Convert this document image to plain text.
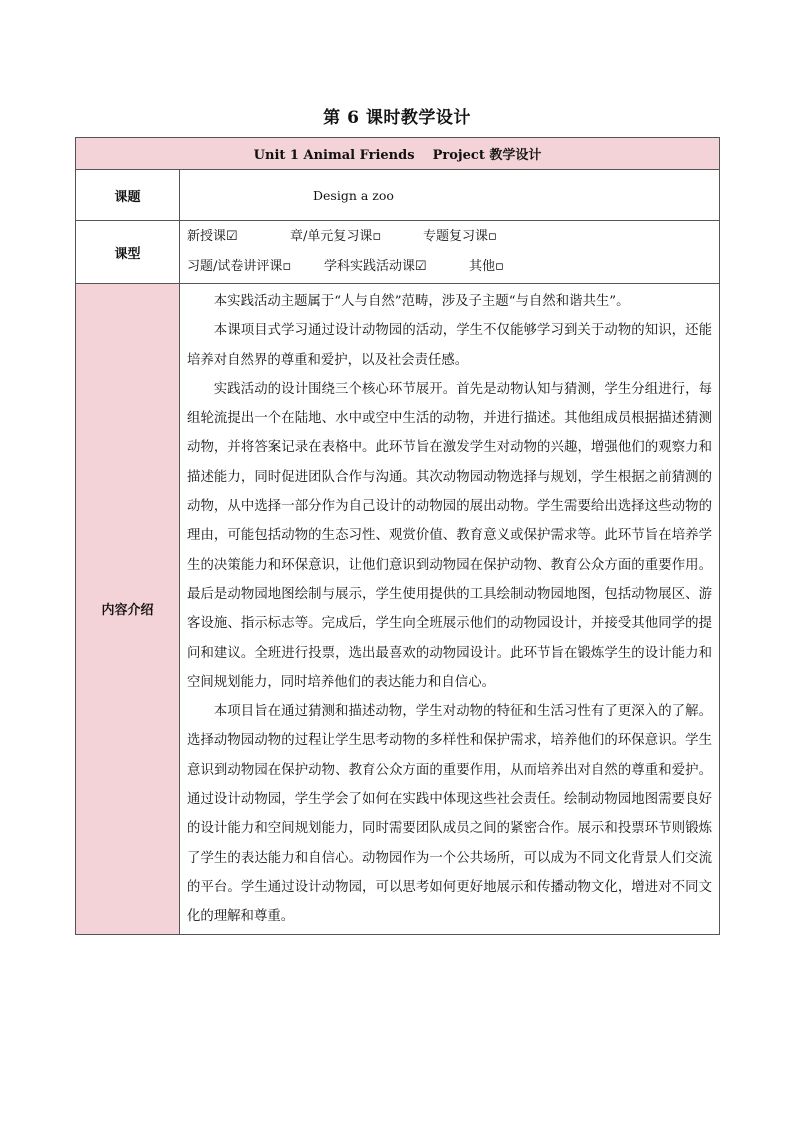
第 6 课时教学设计
Unit 1 Animal Friends    Project 教学设计	
课题	Design a zoo
课型	新授课☑ 章/单元复习课▫ 专题复习课▫
习题/试卷讲评课▫ 学科实践活动课☑ 其他▫

内容介绍	本实践活动主题属于“人与自然”范畴，涉及子主题“与自然和谐共生”。

本课项目式学习通过设计动物园的活动，学生不仅能够学习到关于动物的知识，还能培养对自然界的尊重和爱护，以及社会责任感。

实践活动的设计围绕三个核心环节展开。首先是动物认知与猜测，学生分组进行，每组轮流提出一个在陆地、水中或空中生活的动物，并进行描述。其他组成员根据描述猜测动物，并将答案记录在表格中。此环节旨在激发学生对动物的兴趣，增强他们的观察力和描述能力，同时促进团队合作与沟通。其次动物园动物选择与规划，学生根据之前猜测的动物，从中选择一部分作为自己设计的动物园的展出动物。学生需要给出选择这些动物的理由，可能包括动物的生态习性、观赏价值、教育意义或保护需求等。此环节旨在培养学生的决策能力和环保意识，让他们意识到动物园在保护动物、教育公众方面的重要作用。最后是动物园地图绘制与展示，学生使用提供的工具绘制动物园地图，包括动物展区、游客设施、指示标志等。完成后，学生向全班展示他们的动物园设计，并接受其他同学的提问和建议。全班进行投票，选出最喜欢的动物园设计。此环节旨在锻炼学生的设计能力和空间规划能力，同时培养他们的表达能力和自信心。

本项目旨在通过猜测和描述动物，学生对动物的特征和生活习性有了更深入的了解。选择动物园动物的过程让学生思考动物的多样性和保护需求，培养他们的环保意识。学生意识到动物园在保护动物、教育公众方面的重要作用，从而培养出对自然的尊重和爱护。通过设计动物园，学生学会了如何在实践中体现这些社会责任。绘制动物园地图需要良好的设计能力和空间规划能力，同时需要团队成员之间的紧密合作。展示和投票环节则锻炼了学生的表达能力和自信心。动物园作为一个公共场所，可以成为不同文化背景人们交流的平台。学生通过设计动物园，可以思考如何更好地展示和传播动物文化，增进对不同文化的理解和尊重。
